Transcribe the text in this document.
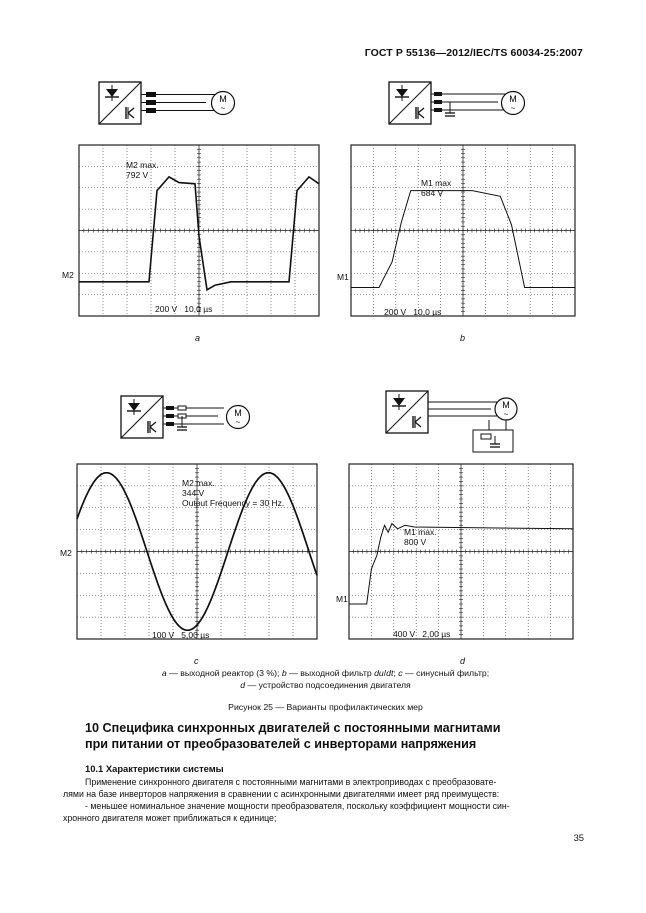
ГОСТ Р 55136—2012/IEC/TS 60034-25:2007
M
~
M
~
M
~
M
~
M2 max.
792 V
M2
200 V   10,0 µs
M1 max
684 V
M1
200 V   10,0 µs
M2 max.
344 V
Output Frequency = 30 Hz.
M2
100 V   5,00 µs
M1 max.
800 V
M1
400 V   2,00 µs
a	b
c	d
a — выходной реактор (3 %); b — выходной фильтр du/dt; c — синусный фильтр;
d — устройство подсоединения двигателя
Рисунок 25 — Варианты профилактических мер
10 Специфика синхронных двигателей с постоянными магнитами
при питании от преобразователей с инверторами напряжения
10.1 Характеристики системы
Применение синхронного двигателя с постоянными магнитами в электроприводах с преобразовате-
лями на базе инверторов напряжения в сравнении с асинхронными двигателями имеет ряд преимуществ:
- меньшее номинальное значение мощности преобразователя, поскольку коэффициент мощности син-
хронного двигателя может приближаться к единице;
35
